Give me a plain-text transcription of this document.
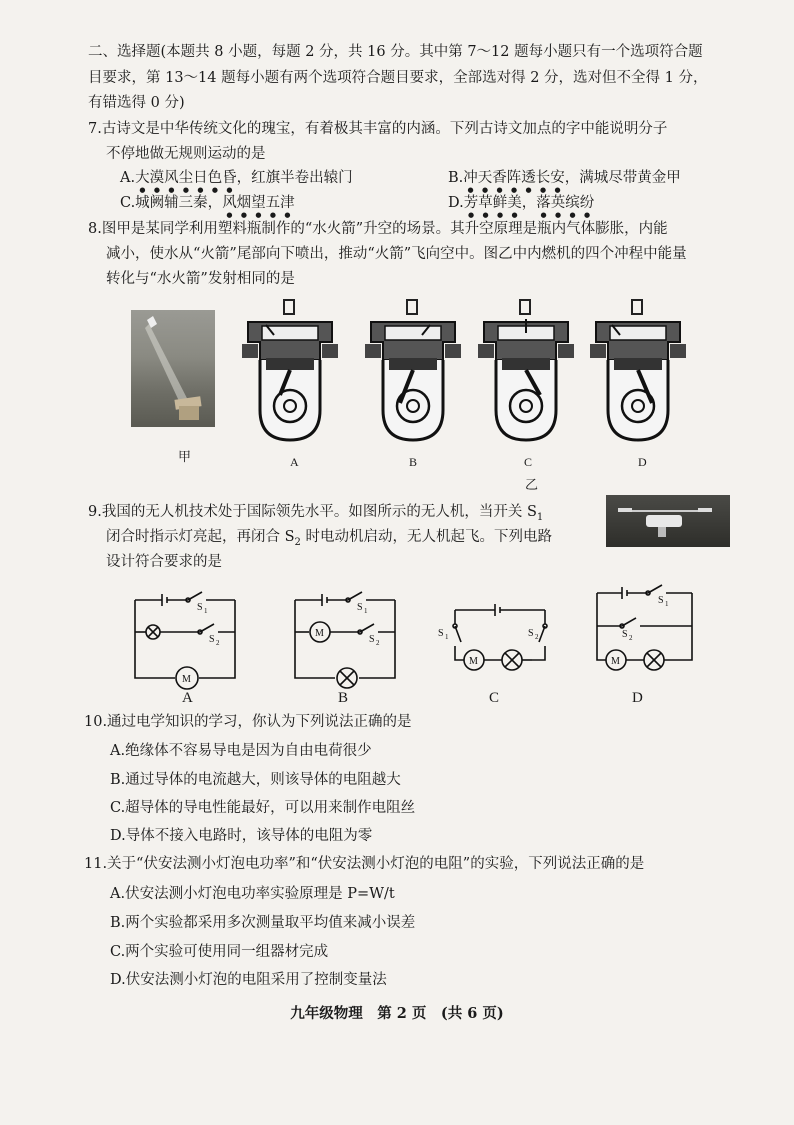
二、选择题(本题共 8 小题，每题 2 分，共 16 分。其中第 7～12 题每小题只有一个选项符合题
目要求，第 13～14 题每小题有两个选项符合题目要求，全部选对得 2 分，选对但不全得 1 分，
有错选得 0 分)
7.古诗文是中华传统文化的瑰宝，有着极其丰富的内涵。下列古诗文加点的字中能说明分子
不停地做无规则运动的是
A.大漠风尘日色昏，红旗半卷出辕门	B.冲天香阵透长安，满城尽带黄金甲
C.城阙辅三秦，风烟望五津	D.芳草鲜美，落英缤纷
8.图甲是某同学利用塑料瓶制作的“水火箭”升空的场景。其升空原理是瓶内气体膨胀，内能
减小，使水从“火箭”尾部向下喷出，推动“火箭”飞向空中。图乙中内燃机的四个冲程中能量
转化与“水火箭”发射相同的是
甲	A	B	C	D
乙
9.我国的无人机技术处于国际领先水平。如图所示的无人机，当开关 $S_1$
闭合时指示灯亮起，再闭合 $S_2$ 时电动机启动，无人机起飞。下列电路
设计符合要求的是
S 1
S 2
M
S 1
S 2
M	S 1	S 2
M
S 1
S 2
M
A	B	C	D
10.通过电学知识的学习，你认为下列说法正确的是
A.绝缘体不容易导电是因为自由电荷很少
B.通过导体的电流越大，则该导体的电阻越大
C.超导体的导电性能最好，可以用来制作电阻丝
D.导体不接入电路时，该导体的电阻为零
11.关于“伏安法测小灯泡电功率”和“伏安法测小灯泡的电阻”的实验，下列说法正确的是
A.伏安法测小灯泡电功率实验原理是 P=W/t
B.两个实验都采用多次测量取平均值来减小误差
C.两个实验可使用同一组器材完成
D.伏安法测小灯泡的电阻采用了控制变量法
九年级物理　第 2 页　(共 6 页)
